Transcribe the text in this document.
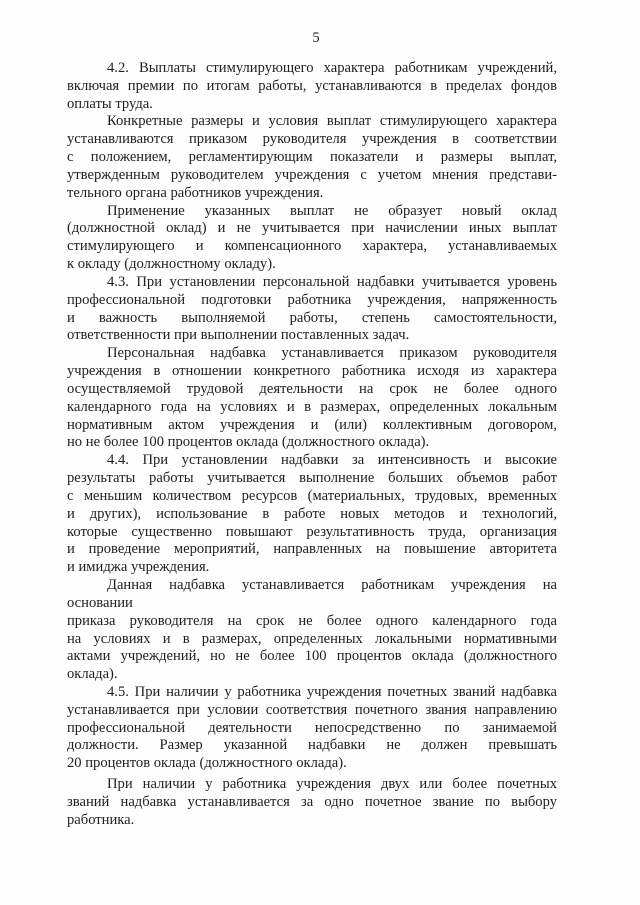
5
4.2. Выплаты стимулирующего характера работникам учреждений,
включая премии по итогам работы, устанавливаются в пределах фондов
оплаты труда.
Конкретные размеры и условия выплат стимулирующего характера
устанавливаются приказом руководителя учреждения в соответствии
с положением, регламентирующим показатели и размеры выплат,
утвержденным руководителем учреждения с учетом мнения представи-
тельного органа работников учреждения.
Применение указанных выплат не образует новый оклад
(должностной оклад) и не учитывается при начислении иных выплат
стимулирующего и компенсационного характера, устанавливаемых
к окладу (должностному окладу).
4.3. При установлении персональной надбавки учитывается уровень
профессиональной подготовки работника учреждения, напряженность
и важность выполняемой работы, степень самостоятельности,
ответственности при выполнении поставленных задач.
Персональная надбавка устанавливается приказом руководителя
учреждения в отношении конкретного работника исходя из характера
осуществляемой трудовой деятельности на срок не более одного
календарного года на условиях и в размерах, определенных локальным
нормативным актом учреждения и (или) коллективным договором,
но не более 100 процентов оклада (должностного оклада).
4.4. При установлении надбавки за интенсивность и высокие
результаты работы учитывается выполнение больших объемов работ
с меньшим количеством ресурсов (материальных, трудовых, временных
и других), использование в работе новых методов и технологий,
которые существенно повышают результативность труда, организация
и проведение мероприятий, направленных на повышение авторитета
и имиджа учреждения.
Данная надбавка устанавливается работникам учреждения на основании
приказа руководителя на срок не более одного календарного года
на условиях и в размерах, определенных локальными нормативными
актами учреждений, но не более 100 процентов оклада (должностного
оклада).
4.5. При наличии у работника учреждения почетных званий надбавка
устанавливается при условии соответствия почетного звания направлению
профессиональной деятельности непосредственно по занимаемой
должности. Размер указанной надбавки не должен превышать
20 процентов оклада (должностного оклада).
При наличии у работника учреждения двух или более почетных
званий надбавка устанавливается за одно почетное звание по выбору
работника.
